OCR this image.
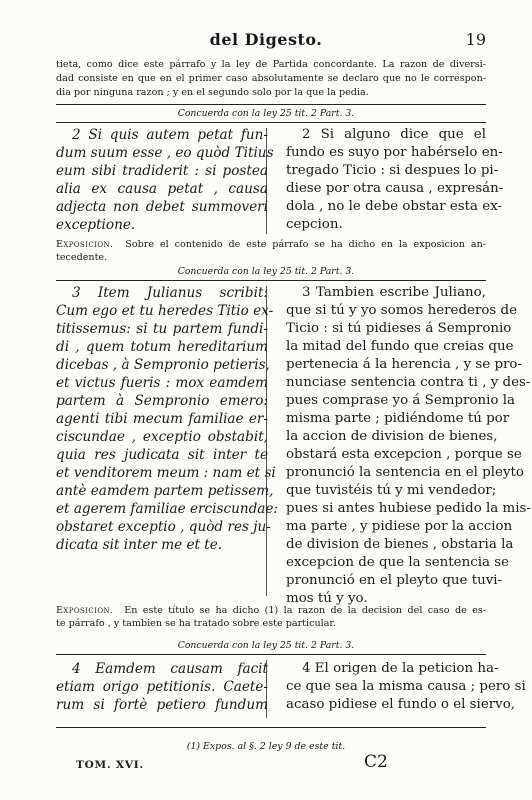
del Digesto.	19
tieta, como dice este párrafo y la ley de Partida concordante. La razon de diversi-
dad consiste en que en el primer caso absolutamente se declaro que no le correspon-
dia por ninguna razon ; y en el segundo solo por la que la pedia.
Concuerda con la ley 25 tit. 2 Part. 3.
2 Si quis autem petat fun-
dum suum esse , eo quòd Titius
eum sibi tradiderit : si postea
alia ex causa petat , causa
adjecta non debet summoveri
exceptione.
2 Si alguno dice que el
fundo es suyo por habérselo en-
tregado Ticio : si despues lo pi-
diese por otra causa , expresán-
dola , no le debe obstar esta ex-
cepcion.
Exposicion. Sobre el contenido de este párrafo se ha dicho en la exposicion an-
tecedente.
Concuerda con la ley 25 tit. 2 Part. 3.
3 Item Julianus scribit:
Cum ego et tu heredes Titio ex-
titissemus: si tu partem fundi-
di , quem totum hereditarium
dicebas , à Sempronio petieris,
et victus fueris : mox eamdem
partem à Sempronio emero:
agenti tibi mecum familiae er-
ciscundae , exceptio obstabit,
quia res judicata sit inter te
et venditorem meum : nam et si
antè eamdem partem petissem,
et agerem familiae erciscundae:
obstaret exceptio , quòd res ju-
dicata sit inter me et te.
3 Tambien escribe Juliano,
que si tú y yo somos herederos de
Ticio : si tú pidieses á Sempronio
la mitad del fundo que creias que
pertenecia á la herencia , y se pro-
nunciase sentencia contra ti , y des-
pues comprase yo á Sempronio la
misma parte ; pidiéndome tú por
la accion de division de bienes,
obstará esta excepcion , porque se
pronunció la sentencia en el pleyto
que tuvistéis tú y mi vendedor;
pues si antes hubiese pedido la mis-
ma parte , y pidiese por la accion
de division de bienes , obstaria la
excepcion de que la sentencia se
pronunció en el pleyto que tuvi-
mos tú y yo.
Exposicion. En este título se ha dicho (1) la razon de la decision del caso de es-
te párrafo , y tambien se ha tratado sobre este particular.
Concuerda con la ley 25 tit. 2 Part. 3.
4 Eamdem causam facit
etiam origo petitionis. Caete-
rum si fortè petiero fundum
4 El origen de la peticion ha-
ce que sea la misma causa ; pero si
acaso pidiese el fundo o el siervo,
(1) Expos. al §. 2 ley 9 de este tit.
TOM. XVI.	C2
